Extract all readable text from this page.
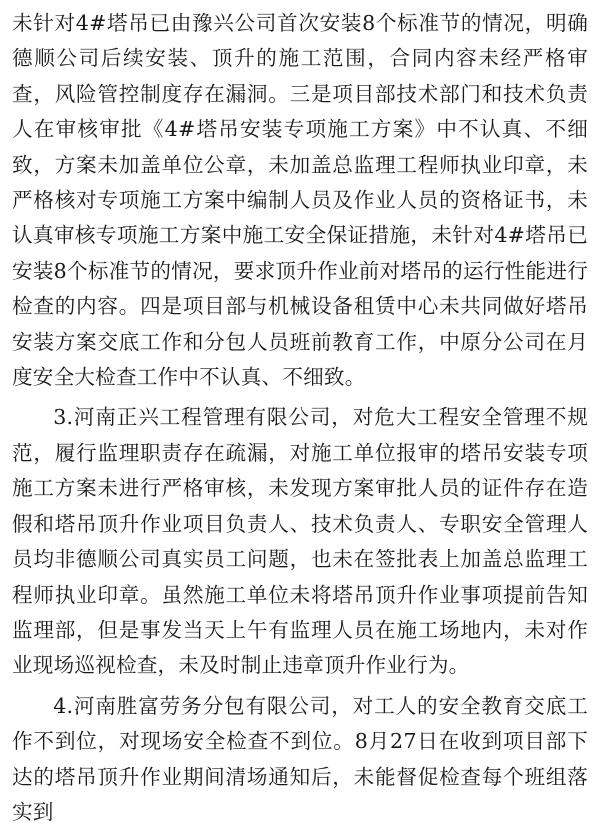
未针对4#塔吊已由豫兴公司首次安装8个标准节的情况，明确德顺公司后续安装、顶升的施工范围，合同内容未经严格审查，风险管控制度存在漏洞。三是项目部技术部门和技术负责人在审核审批《4#塔吊安装专项施工方案》中不认真、不细致，方案未加盖单位公章，未加盖总监理工程师执业印章，未严格核对专项施工方案中编制人员及作业人员的资格证书，未认真审核专项施工方案中施工安全保证措施，未针对4#塔吊已安装8个标准节的情况，要求顶升作业前对塔吊的运行性能进行检查的内容。四是项目部与机械设备租赁中心未共同做好塔吊安装方案交底工作和分包人员班前教育工作，中原分公司在月度安全大检查工作中不认真、不细致。

3.河南正兴工程管理有限公司，对危大工程安全管理不规范，履行监理职责存在疏漏，对施工单位报审的塔吊安装专项施工方案未进行严格审核，未发现方案审批人员的证件存在造假和塔吊顶升作业项目负责人、技术负责人、专职安全管理人员均非德顺公司真实员工问题，也未在签批表上加盖总监理工程师执业印章。虽然施工单位未将塔吊顶升作业事项提前告知监理部，但是事发当天上午有监理人员在施工场地内，未对作业现场巡视检查，未及时制止违章顶升作业行为。

4.河南胜富劳务分包有限公司，对工人的安全教育交底工作不到位，对现场安全检查不到位。8月27日在收到项目部下达的塔吊顶升作业期间清场通知后，未能督促检查每个班组落实到
